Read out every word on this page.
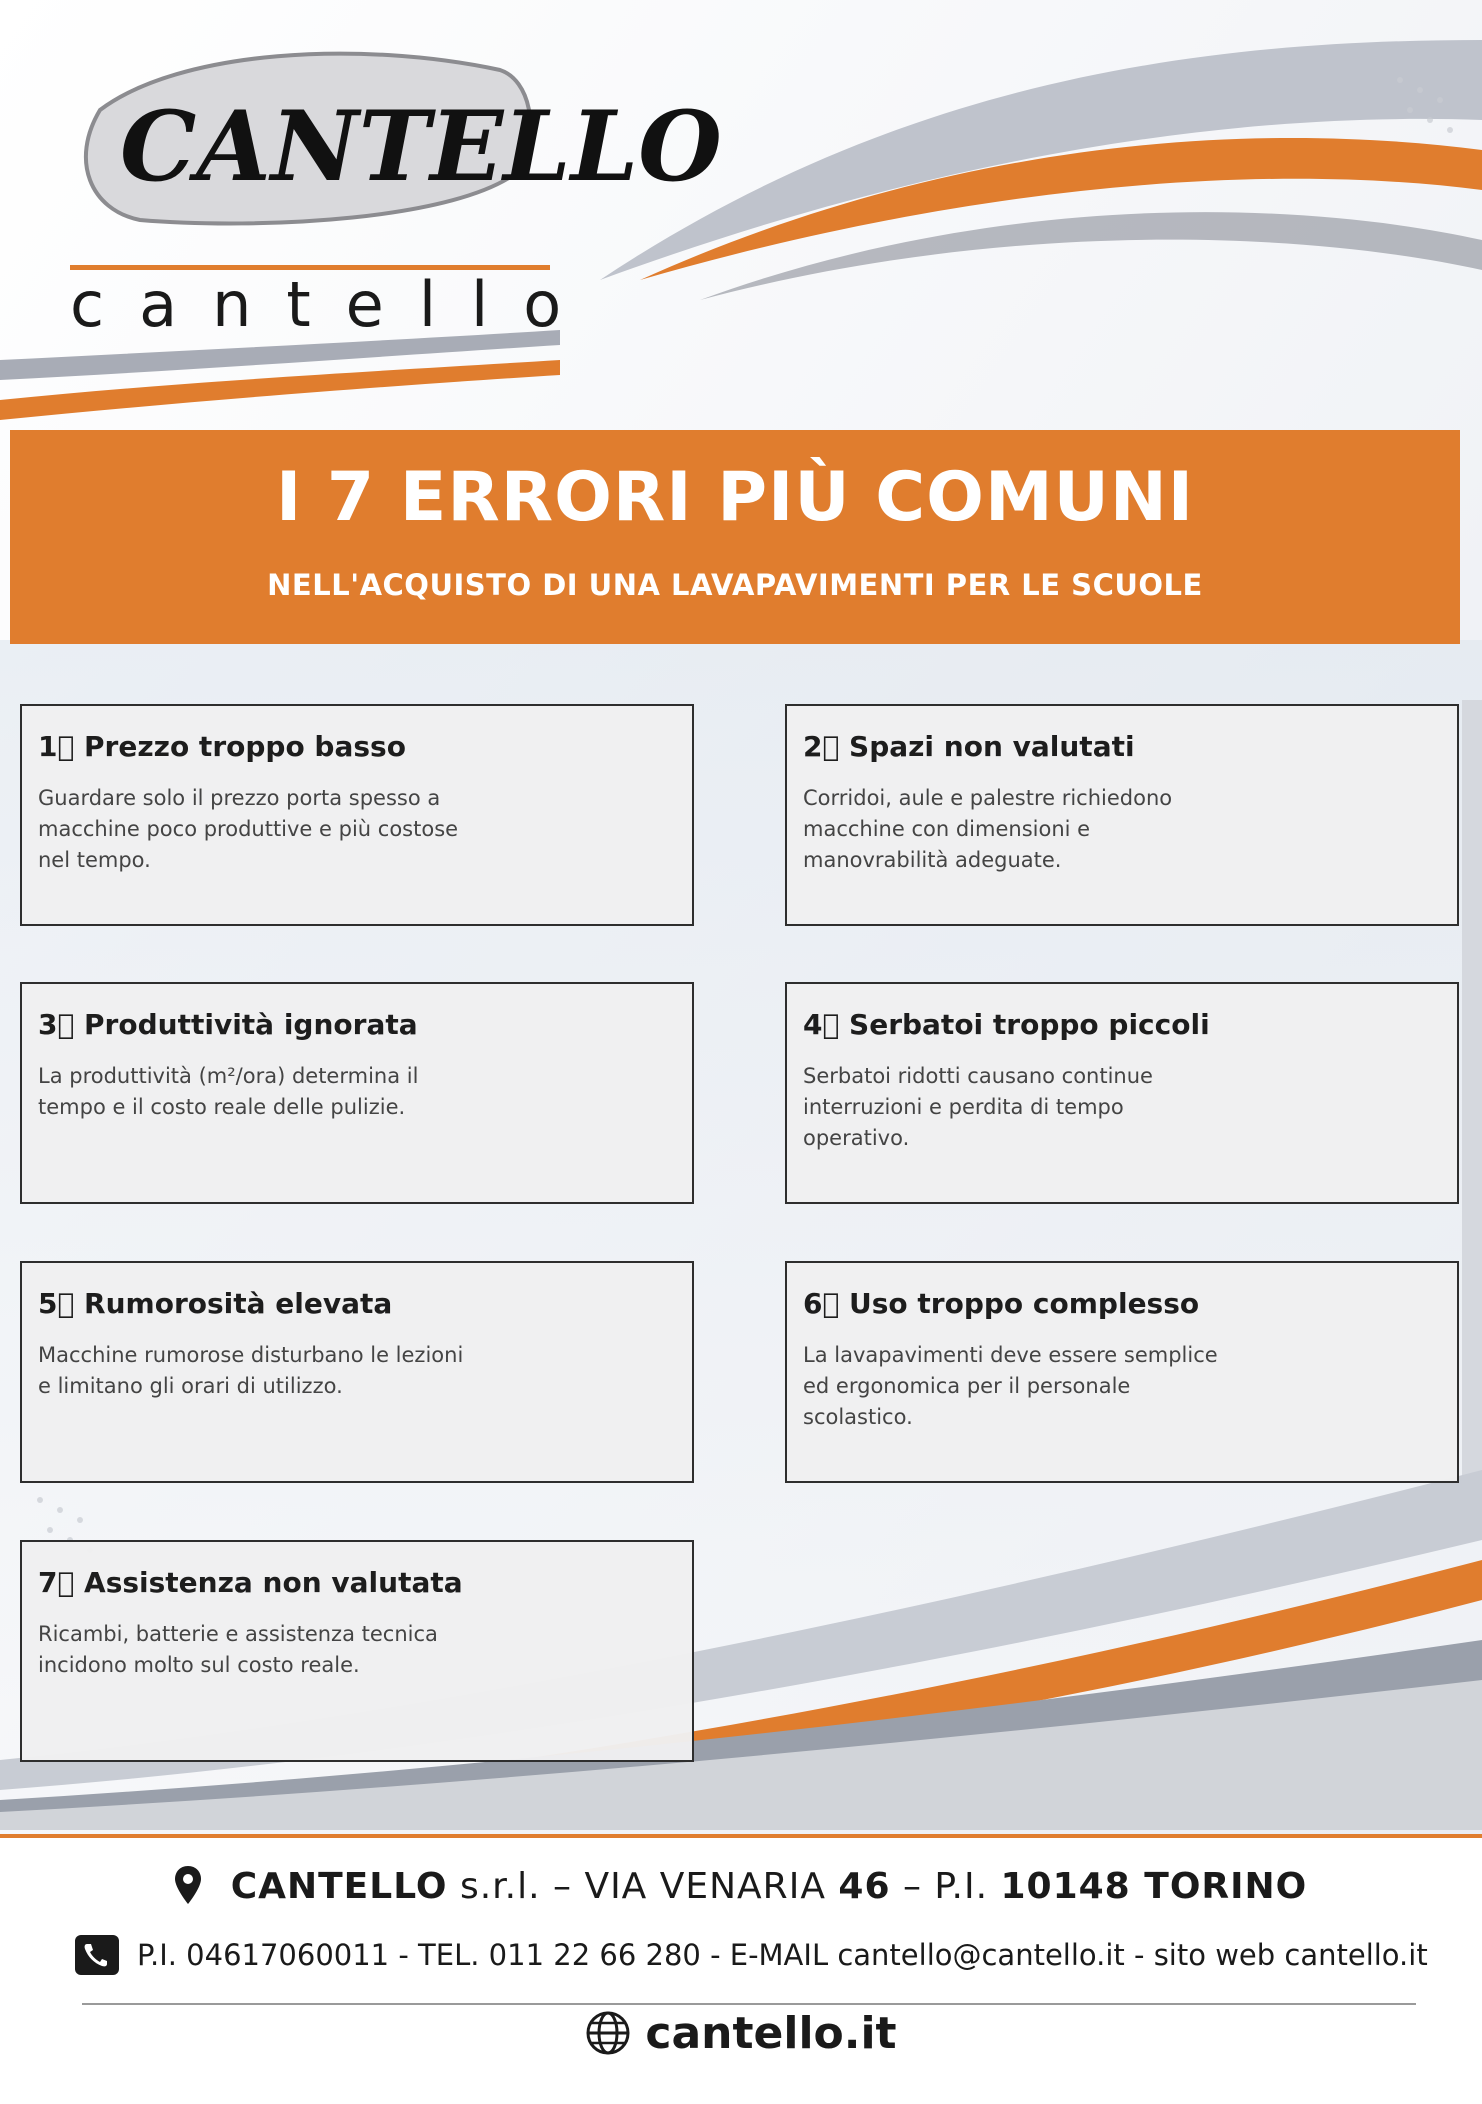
CANTELLO

cantello

I 7 ERRORI PIÙ COMUNI
NELL'ACQUISTO DI UNA LAVAPAVIMENTI PER LE SCUOLE

1⃣ Prezzo troppo basso

Guardare solo il prezzo porta spesso a macchine poco produttive e più costose nel tempo.

2⃣ Spazi non valutati

Corridoi, aule e palestre richiedono macchine con dimensioni e manovrabilità adeguate.

3⃣ Produttività ignorata

La produttività (m²/ora) determina il tempo e il costo reale delle pulizie.

4⃣ Serbatoi troppo piccoli

Serbatoi ridotti causano continue interruzioni e perdita di tempo operativo.

5⃣ Rumorosità elevata

Macchine rumorose disturbano le lezioni e limitano gli orari di utilizzo.

6⃣ Uso troppo complesso

La lavapavimenti deve essere semplice ed ergonomica per il personale scolastico.

7⃣ Assistenza non valutata

Ricambi, batterie e assistenza tecnica incidono molto sul costo reale.

CANTELLO s.r.l. – VIA VENARIA 46 – P.I. 10148 TORINO
P.I. 04617060011 - TEL. 011 22 66 280 - E-MAIL cantello@cantello.it - sito web cantello.it
cantello.it
